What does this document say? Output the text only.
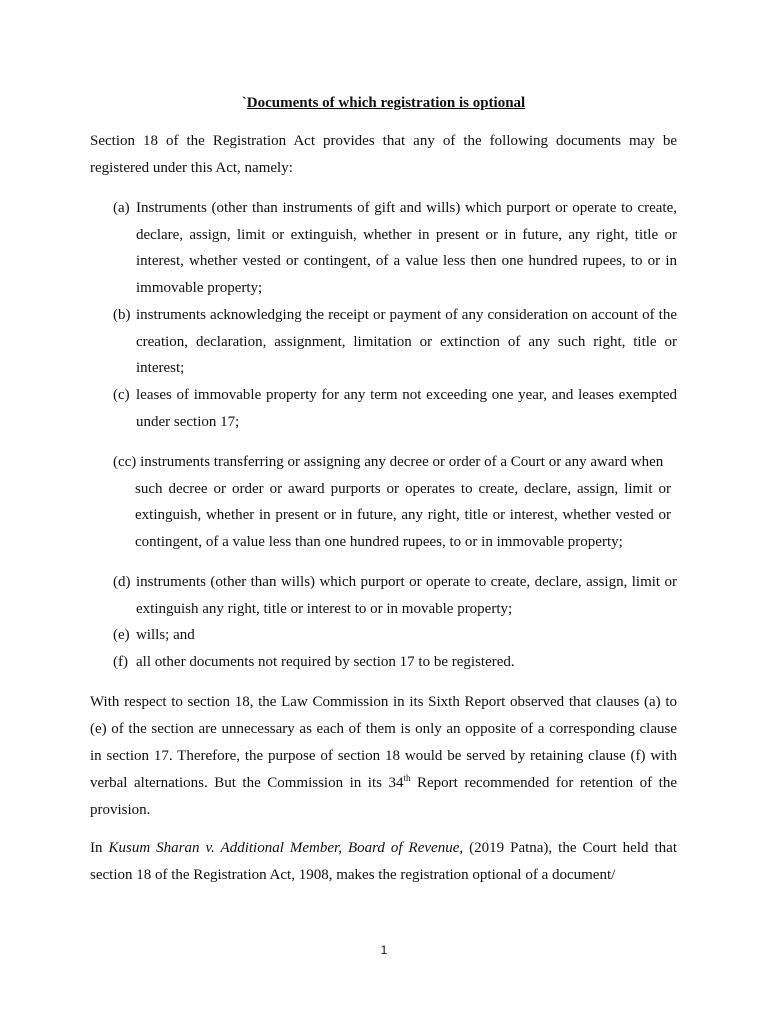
`Documents of which registration is optional

Section 18 of the Registration Act provides that any of the following documents may be registered under this Act, namely:

(a) Instruments (other than instruments of gift and wills) which purport or operate to create, declare, assign, limit or extinguish, whether in present or in future, any right, title or interest, whether vested or contingent, of a value less then one hundred rupees, to or in immovable property;
(b) instruments acknowledging the receipt or payment of any consideration on account of the creation, declaration, assignment, limitation or extinction of any such right, title or interest;
(c) leases of immovable property for any term not exceeding one year, and leases exempted under section 17;
(cc) instruments transferring or assigning any decree or order of a Court or any award when
such decree or order or award purports or operates to create, declare, assign, limit or extinguish, whether in present or in future, any right, title or interest, whether vested or contingent, of a value less than one hundred rupees, to or in immovable property;
(d) instruments (other than wills) which purport or operate to create, declare, assign, limit or extinguish any right, title or interest to or in movable property;
(e) wills; and
(f) all other documents not required by section 17 to be registered.

With respect to section 18, the Law Commission in its Sixth Report observed that clauses (a) to (e) of the section are unnecessary as each of them is only an opposite of a corresponding clause in section 17. Therefore, the purpose of section 18 would be served by retaining clause (f) with verbal alternations. But the Commission in its 34th Report recommended for retention of the provision.

In Kusum Sharan v. Additional Member, Board of Revenue, (2019 Patna), the Court held that section 18 of the Registration Act, 1908, makes the registration optional of a document/

1
